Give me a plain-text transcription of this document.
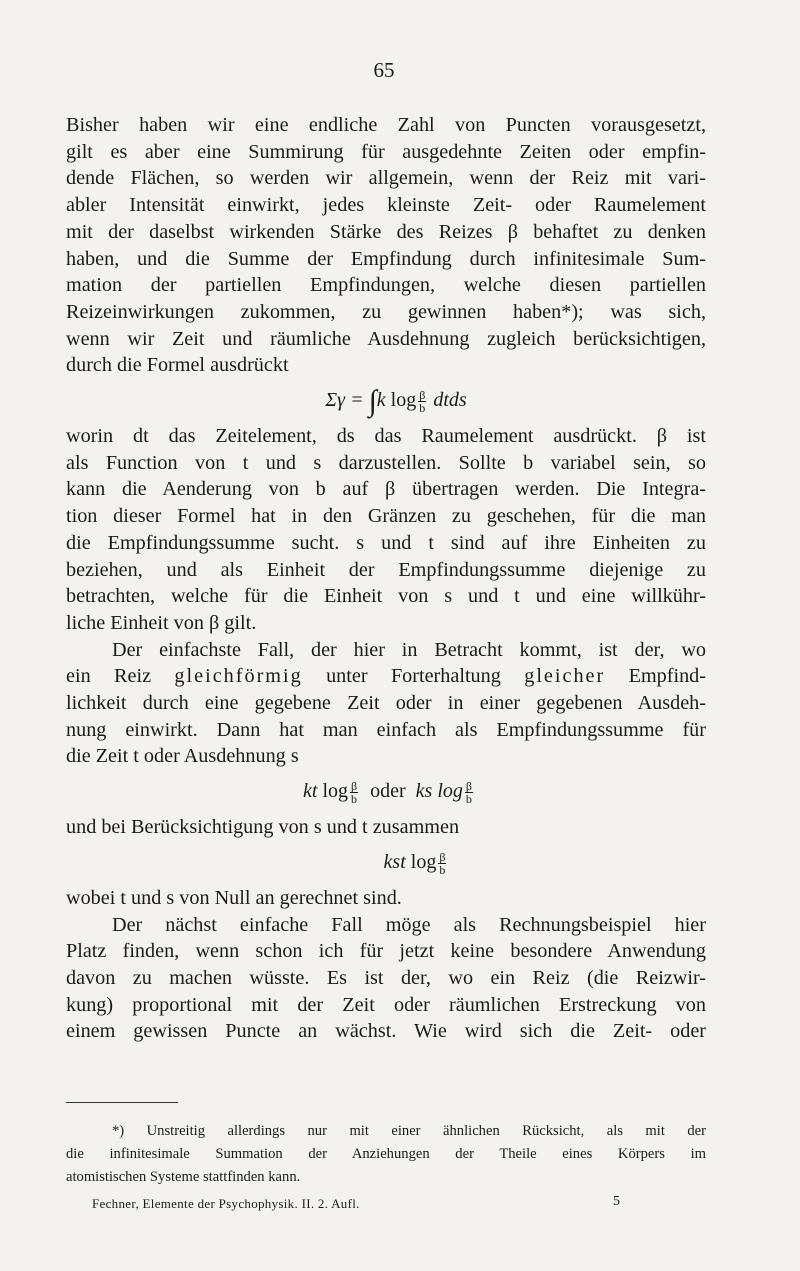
65

Bisher haben wir eine endliche Zahl von Puncten vorausgesetzt,
gilt es aber eine Summirung für ausgedehnte Zeiten oder empfin-
dende Flächen, so werden wir allgemein, wenn der Reiz mit vari-
abler Intensität einwirkt, jedes kleinste Zeit- oder Raumelement
mit der daselbst wirkenden Stärke des Reizes β behaftet zu denken
haben, und die Summe der Empfindung durch infinitesimale Sum-
mation der partiellen Empfindungen, welche diesen partiellen
Reizeinwirkungen zukommen, zu gewinnen haben*); was sich,
wenn wir Zeit und räumliche Ausdehnung zugleich berücksichtigen,
durch die Formel ausdrückt

Σγ = ∫k $\log \frac{\beta}{b}$ dtds

worin dt das Zeitelement, ds das Raumelement ausdrückt. β ist
als Function von t und s darzustellen. Sollte b variabel sein, so
kann die Aenderung von b auf β übertragen werden. Die Integra-
tion dieser Formel hat in den Gränzen zu geschehen, für die man
die Empfindungssumme sucht. s und t sind auf ihre Einheiten zu
beziehen, und als Einheit der Empfindungssumme diejenige zu
betrachten, welche für die Einheit von s und t und eine willkühr-
liche Einheit von β gilt.

Der einfachste Fall, der hier in Betracht kommt, ist der, wo
ein Reiz gleichförmig unter Forterhaltung gleicher Empfind-
lichkeit durch eine gegebene Zeit oder in einer gegebenen Ausdeh-
nung einwirkt. Dann hat man einfach als Empfindungssumme für
die Zeit t oder Ausdehnung s

kt $\log \frac{\beta}{b}$ oder ks $\log \frac{\beta}{b}$

und bei Berücksichtigung von s und t zusammen

kst $\log \frac{\beta}{b}$

wobei t und s von Null an gerechnet sind.

Der nächst einfache Fall möge als Rechnungsbeispiel hier
Platz finden, wenn schon ich für jetzt keine besondere Anwendung
davon zu machen wüsste. Es ist der, wo ein Reiz (die Reizwir-
kung) proportional mit der Zeit oder räumlichen Erstreckung von
einem gewissen Puncte an wächst. Wie wird sich die Zeit- oder

*) Unstreitig allerdings nur mit einer ähnlichen Rücksicht, als mit der
die infinitesimale Summation der Anziehungen der Theile eines Körpers im
atomistischen Systeme stattfinden kann.
Fechner, Elemente der Psychophysik. II. 2. Aufl.	5
